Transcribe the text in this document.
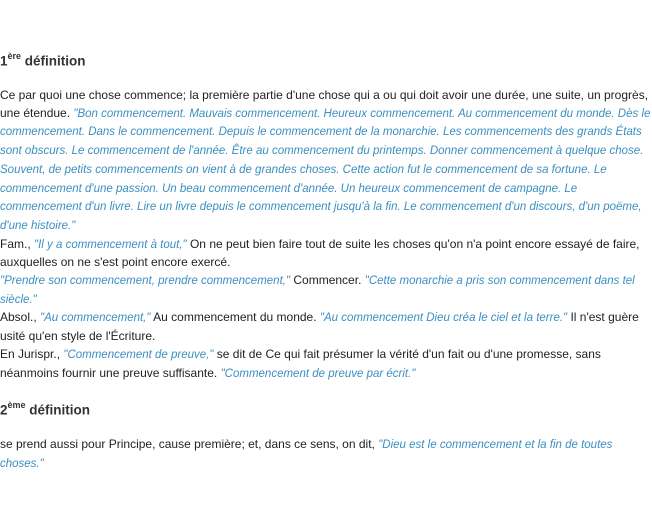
1ère définition

Ce par quoi une chose commence; la première partie d'une chose qui a ou qui doit avoir une durée, une suite, un progrès, une étendue. "Bon commencement. Mauvais commencement. Heureux commencement. Au commencement du monde. Dès le commencement. Dans le commencement. Depuis le commencement de la monarchie. Les commencements des grands États sont obscurs. Le commencement de l'année. Être au commencement du printemps. Donner commencement à quelque chose. Souvent, de petits commencements on vient à de grandes choses. Cette action fut le commencement de sa fortune. Le commencement d'une passion. Un beau commencement d'année. Un heureux commencement de campagne. Le commencement d'un livre. Lire un livre depuis le commencement jusqu'à la fin. Le commencement d'un discours, d'un poëme, d'une histoire."

Fam., "Il y a commencement à tout," On ne peut bien faire tout de suite les choses qu'on n'a point encore essayé de faire, auxquelles on ne s'est point encore exercé.

"Prendre son commencement, prendre commencement," Commencer. "Cette monarchie a pris son commencement dans tel siècle."

Absol., "Au commencement," Au commencement du monde. "Au commencement Dieu créa le ciel et la terre." Il n'est guère usité qu'en style de l'Écriture.

En Jurispr., "Commencement de preuve," se dit de Ce qui fait présumer la vérité d'un fait ou d'une promesse, sans néanmoins fournir une preuve suffisante. "Commencement de preuve par écrit."

2ème définition

se prend aussi pour Principe, cause première; et, dans ce sens, on dit, "Dieu est le commencement et la fin de toutes choses."
